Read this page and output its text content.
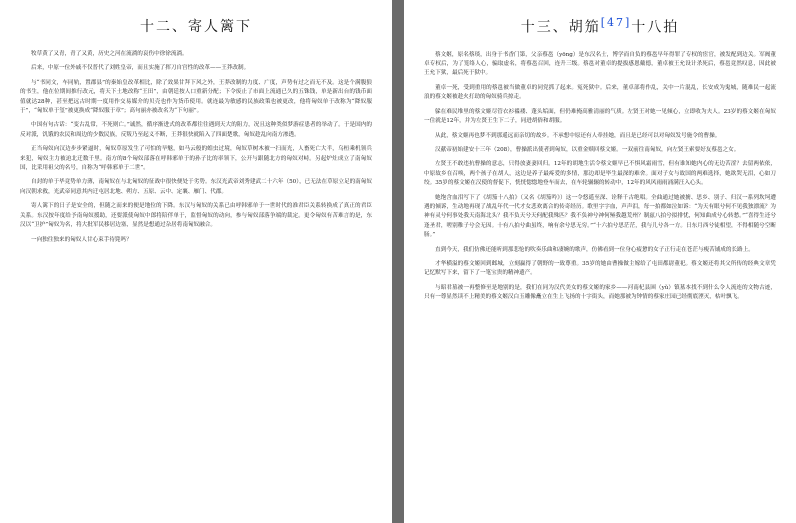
十二、寄人篱下

牧草黄了又青，青了又黄，历史之河在流淌的哀伤中徐徐流淌。

后来，中原一位外戚不仅普代了刘姓皇帝，而且实施了挥刀自宫性的改革——王莽改制。

与“书同文，车同轨，置郡县”的秦始皇改革相比，除了效果甘拜下风之外，王莽改制的力度、广度，声势有过之而无不及。这是个满腹狼的书生，他在位期间推行改元，将天下土地改称“王田”，由朝廷按人口重新分配；下令废止了市面上流通已久的五铢钱，单是新出台的钱币面值就达28种，甚至把远古时期一度用作交易媒介的贝壳也作为货币使用。就连最为敏感的民族政策也被更改，他将匈奴单于改称为“降奴服于”，“匈奴单于玺”被更换成“降奴服于章”；高句丽亦被改名为“下句丽”。

中国有句古话：“变古乱常，不死则亡。”诚然，循序渐进式的改革都往往遇到天大的阻力，况且这种类似梦游症患者的举动了。于是国内的反对派，饥饿的农民和周边的少数民族，反叛乃至起义不断，王莽很快就陷入了四面楚歌，匈奴趁乱向南方渗透。

正当匈奴向汉边步步紧逼时，匈奴草原发生了可怕的旱魃，如马云般的蝗虫过境，匈奴草树木被一扫而光，人畜死亡大半，乌桓乘机领兵来犯，匈奴主力被迫北迁数千里。南方的8个匈奴部落在呼韩邪单于的孙子比的率领下，公开与跟随北方的匈奴对峙。另起炉灶成立了南匈奴国，比采用祖父的名号，自称为“呼韩邪单于二世”。

自封的单于毕竟势单力薄，南匈奴在与北匈奴的征战中很快便处于劣势。东汉光武帝刘秀建武二十六年（50），已无法在草原立足的南匈奴向汉朝求救，光武帝同意其内迁屯居北地、朔方、五原、云中、定襄、雁门、代郡。

寄人篱下的日子是安全的，但随之而来的便是地位的下降。东汉与匈奴的关系已由呼韩邪单于一世时代的准君臣关系转换成了真正的君臣关系。东汉按年度给予南匈奴援助，还要派使匈奴中郎将陪伴单于，监督匈奴的动向，参与匈奴部落争端的裁定。更令匈奴有苦难言的是，东汉以“卫护”匈奴为名，将大批军民移居边塞，显然是想通过杂居将南匈奴融合。

一向独往独来的匈奴人甘心束手待毙吗？

十三、胡笳[47]十八拍

蔡文姬，原名蔡琰，出身于书香门第，父亲蔡邕（yōng）是东汉名士，博学而自负的蔡邕早年得罪了专权的宦官，被发配到边关。军阀董卓专权后，为了笼络人心，骗取虚名，将蔡邕召回，连升三级。蔡邕对董卓的提拔感恩戴德，董卓被王允设计杀死后，蔡邕竟然叹息，因此被王允下狱，最后死于狱中。

董卓一死，受到重用的蔡邕被当做董卓的同党抓了起来。冤死狱中。后来，董卓部将作乱，关中一片混乱，长安成为鬼城，随难民一起流浪的蔡文姬被趁火打劫的匈奴骑兵掠走。

躲在难民堆里的蔡文姬尽管衣衫褴褛、蓬头垢面，但仍难掩高雅清丽的气质。左贤王对她一见倾心，立即收为夫人。23岁的蔡文姬在匈奴一住就是12年，并为左贤王生下二子，同进胡俗和胡服。

从此，蔡文姬再也梦不到那遥远而亲切的故乡。不承想中原还有人牵挂她，而且是已经可以对匈奴发号施令的曹操。

汉献帝初始建安十三年（208），曹操派出使者到匈奴，以重金赎回蔡文姬。一双前往南匈奴，向左贤王索要好友蔡邕之女。

左贤王不敢违抗曹操的意志，只得放妻妻回归。12年的胡地生活令蔡文姬早已不惧风霜雨雪，但有谁知她内心的无边苦涩？去留两依依，中原故乡在召唤，两个孩子在胡人，这边是养子最疼爱的多情，那边却是毕生最深的难舍。面对子女与故国的两难选择，她欲哭无泪，心如刀绞。35岁的蔡文姬在汉使的督促下，恍恍惚惚地登车而去，在车轮辗辗的转动中，12年的风风雨雨涌满汪入心头。

她饱含血泪写下了《胡笳十八拍》（又名《胡笳吟》）这一令悠遥至深、诠释千古绝唱。全曲通过她被掳、思乡、别子、归汉一系列坎坷遭遇的倾诉，生动地再现了战乱年代一代才女悲欢离合的传奇经历。歌里字字血，声声泪，每一拍都如泣如诉：“为天有眼兮何不见我独漂流？为神有灵兮何事处我天南海北头？我不负天兮天何配我殊匹？我不负神兮神何殛我越荒州？制兹八拍兮拟排忧，何知曲成兮心转愁。”“喜得生还兮逢圣君，嗟别稚子兮会无因。十有八拍兮曲虽终，响有余兮思无穷。”“十六拍兮思茫茫，我与儿兮各一方。日东月西兮徒相望，不得相随兮空断肠。”

直到今天，我们仿佛还能听到那悲怆的吹奏乐曲和凄婉的歌声，仿佛看到一位身心疲惫的女子正行走在苍茫与瘦苦铺成的长路上。

才华横溢的蔡文姬回到邺城，立刻赢得了朝野的一致尊重。35岁的她由曹操做主嫁给了屯田都尉董祀。蔡文姬还将其父所传的经典文章凭记忆默写下来，留下了一笔宝贵的精神遗产。

与昭君墓被一再整修至是地别的是，我们在同为汉代美女的蔡文姬的家乡——河南杞县圉（yǔ）镇墓本找不到什么令人流连的文物古迹，只有一尊显然读不上精美的蔡文姬汉白玉雕像矗立在生上飞扬的十字街头，而她那被为钟情的蔡家庄园已经彻底湮灭，枯叶飘飞。
